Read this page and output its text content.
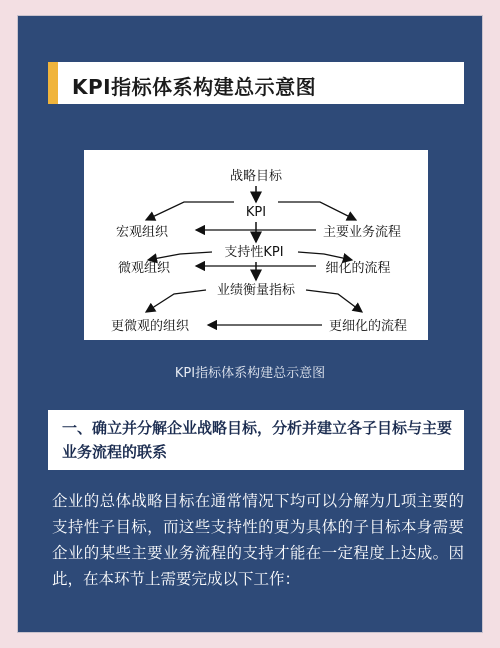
KPI指标体系构建总示意图
战略目标
KPI
宏观组织	主要业务流程
支持性KPI
微观组织	细化的流程
业绩衡量指标
更微观的组织	更细化的流程
KPI指标体系构建总示意图
一、确立并分解企业战略目标，分析并建立各子目标与主要业务流程的联系
企业的总体战略目标在通常情况下均可以分解为几项主要的支持性子目标，而这些支持性的更为具体的子目标本身需要企业的某些主要业务流程的支持才能在一定程度上达成。因此，在本环节上需要完成以下工作：
